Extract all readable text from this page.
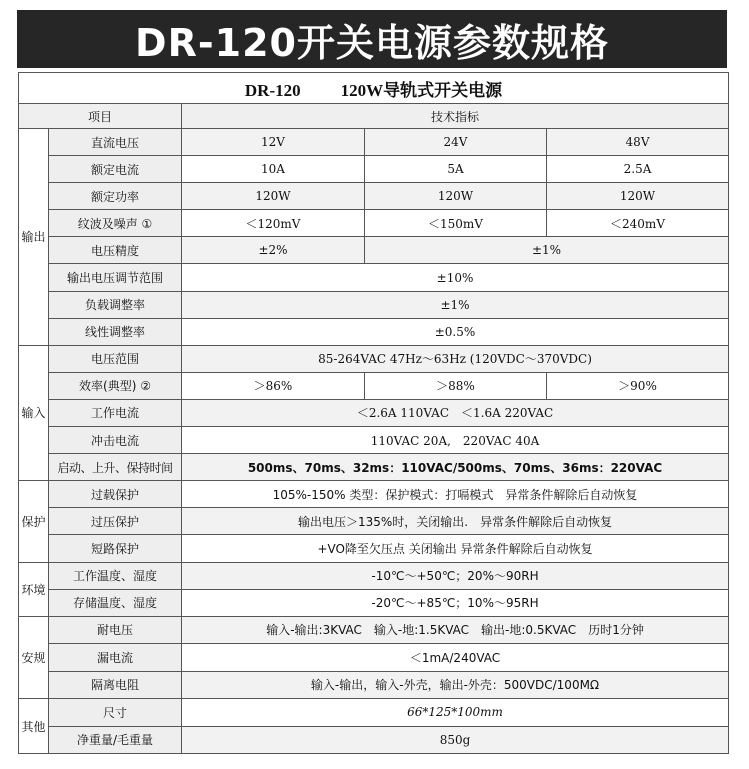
DR-120开关电源参数规格
DR-120 120W导轨式开关电源				
项目		技术指标		
输出	直流电压	12V	24V	48V
	额定电流	10A	5A	2.5A
	额定功率	120W	120W	120W
	纹波及噪声 ①	＜120mV	＜150mV	＜240mV
	电压精度	±2%	±1%	
	输出电压调节范围	±10%		
	负载调整率	±1%		
	线性调整率	±0.5%		
输入	电压范围	85-264VAC 47Hz～63Hz (120VDC～370VDC)		
	效率(典型) ②	＞86%	＞88%	＞90%
	工作电流	＜2.6A 110VAC　＜1.6A 220VAC		
	冲击电流	110VAC 20A,　220VAC 40A		
	启动、上升、保持时间	500ms、70ms、32ms：110VAC/500ms、70ms、36ms：220VAC		
保护	过载保护	105%-150% 类型：保护模式：打嗝模式　异常条件解除后自动恢复		
	过压保护	输出电压＞135%时，关闭输出.　异常条件解除后自动恢复		
	短路保护	+VO降至欠压点 关闭输出 异常条件解除后自动恢复		
环境	工作温度、湿度	-10℃～+50℃；20%～90RH		
	存储温度、湿度	-20℃～+85℃；10%～95RH		
安规	耐电压	输入-输出:3KVAC　输入-地:1.5KVAC　输出-地:0.5KVAC　历时1分钟		
	漏电流	＜1mA/240VAC		
	隔离电阻	输入-输出，输入-外壳，输出-外壳：500VDC/100MΩ		
其他	尺寸	66*125*100mm		
	净重量/毛重量	850g		
